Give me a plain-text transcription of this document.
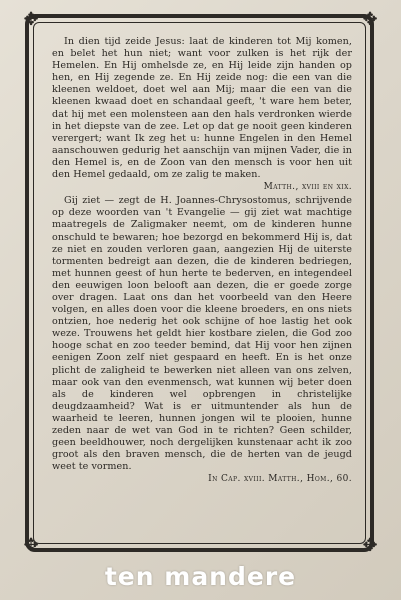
✥	✥
✥	✥

In dien tijd zeide Jesus: laat de kinderen tot Mij komen, en belet het hun niet; want voor zulken is het rijk der Hemelen. En Hij omhelsde ze, en Hij leide zijn handen op hen, en Hij zegende ze. En Hij zeide nog: die een van die kleenen weldoet, doet wel aan Mij; maar die een van die kleenen kwaad doet en schandaal geeft, 't ware hem beter, dat hij met een molensteen aan den hals verdronken wierde in het diepste van de zee. Let op dat ge nooit geen kinderen verergert; want Ik zeg het u: hunne Engelen in den Hemel aanschouwen gedurig het aanschijn van mijnen Vader, die in den Hemel is, en de Zoon van den mensch is voor hen uit den Hemel gedaald, om ze zalig te maken.

Matth., xviii en xix.

Gij ziet — zegt de H. Joannes-Chrysostomus, schrijvende op deze woorden van 't Evangelie — gij ziet wat machtige maatregels de Zaligmaker neemt, om de kinderen hunne onschuld te bewaren; hoe bezorgd en bekommerd Hij is, dat ze niet en zouden verloren gaan, aangezien Hij de uiterste tormenten bedreigt aan dezen, die de kinderen bedriegen, met hunnen geest of hun herte te bederven, en integendeel den eeuwigen loon belooft aan dezen, die er goede zorge over dragen. Laat ons dan het voorbeeld van den Heere volgen, en alles doen voor die kleene broeders, en ons niets ontzien, hoe nederig het ook schijne of hoe lastig het ook weze. Trouwens het geldt hier kostbare zielen, die God zoo hooge schat en zoo teeder bemind, dat Hij voor hen zijnen eenigen Zoon zelf niet gespaard en heeft. En is het onze plicht de zaligheid te bewerken niet alleen van ons zelven, maar ook van den evenmensch, wat kunnen wij beter doen als de kinderen wel opbrengen in christelijke deugdzaamheid? Wat is er uitmuntender als hun de waarheid te leeren, hunnen jongen wil te plooien, hunne zeden naar de wet van God in te richten? Geen schilder, geen beeldhouwer, noch dergelijken kunstenaar acht ik zoo groot als den braven mensch, die de herten van de jeugd weet te vormen.

In Cap. xviii. Matth., Hom., 60.

ten mandere
